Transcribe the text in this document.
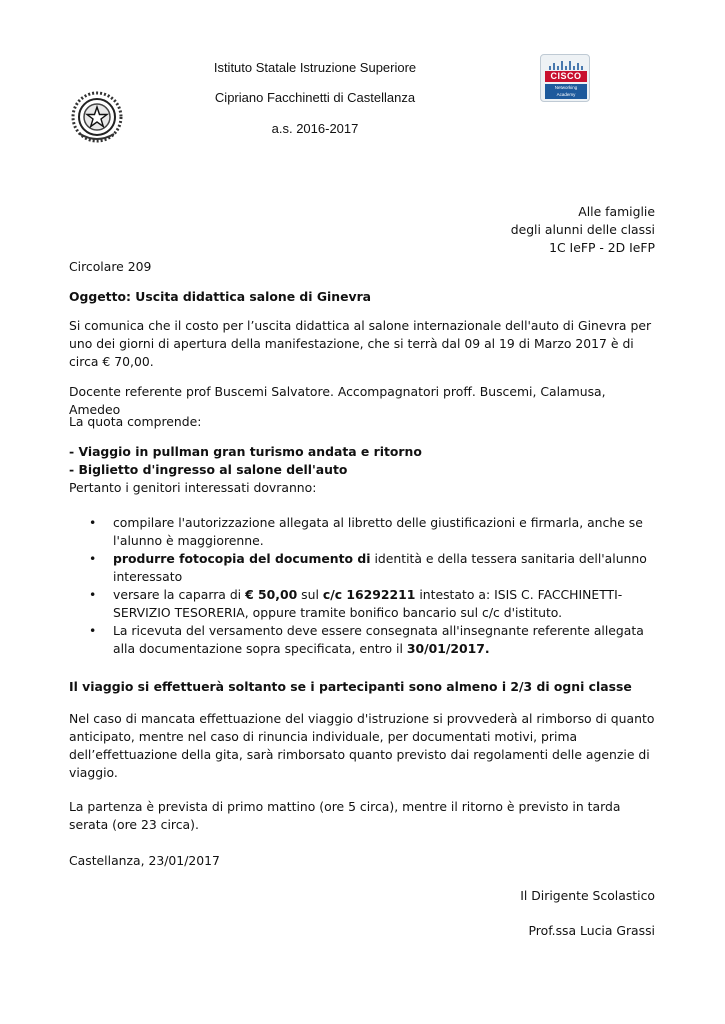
Istituto Statale Istruzione Superiore
Cipriano Facchinetti di Castellanza
a.s. 2016-2017
CISCO
Networking
Academy
Alle famiglie
degli alunni delle classi
1C IeFP - 2D IeFP
Circolare 209
Oggetto: Uscita didattica salone di Ginevra
Si comunica che il costo per l’uscita didattica al salone internazionale dell'auto di Ginevra per uno dei giorni di apertura della manifestazione, che si terrà dal 09 al 19 di Marzo 2017 è di circa € 70,00.
Docente referente prof Buscemi Salvatore. Accompagnatori proff. Buscemi, Calamusa, Amedeo
La quota comprende:
- Viaggio in pullman gran turismo andata e ritorno
- Biglietto d'ingresso al salone dell'auto
Pertanto i genitori interessati dovranno:
• compilare l'autorizzazione allegata al libretto delle giustificazioni e firmarla, anche se l'alunno è maggiorenne.
• produrre fotocopia del documento di identità e della tessera sanitaria dell'alunno interessato
• versare la caparra di € 50,00 sul c/c 16292211 intestato a: ISIS C. FACCHINETTI- SERVIZIO TESORERIA, oppure tramite bonifico bancario sul c/c d'istituto.
• La ricevuta del versamento deve essere consegnata all'insegnante referente allegata alla documentazione sopra specificata, entro il 30/01/2017.
Il viaggio si effettuerà soltanto se i partecipanti sono almeno i 2/3 di ogni classe
Nel caso di mancata effettuazione del viaggio d'istruzione si provvederà al rimborso di quanto anticipato, mentre nel caso di rinuncia individuale, per documentati motivi, prima dell’effettuazione della gita, sarà rimborsato quanto previsto dai regolamenti delle agenzie di viaggio.
La partenza è prevista di primo mattino (ore 5 circa), mentre il ritorno è previsto in tarda serata (ore 23 circa).
Castellanza, 23/01/2017
Il Dirigente Scolastico
Prof.ssa Lucia Grassi
